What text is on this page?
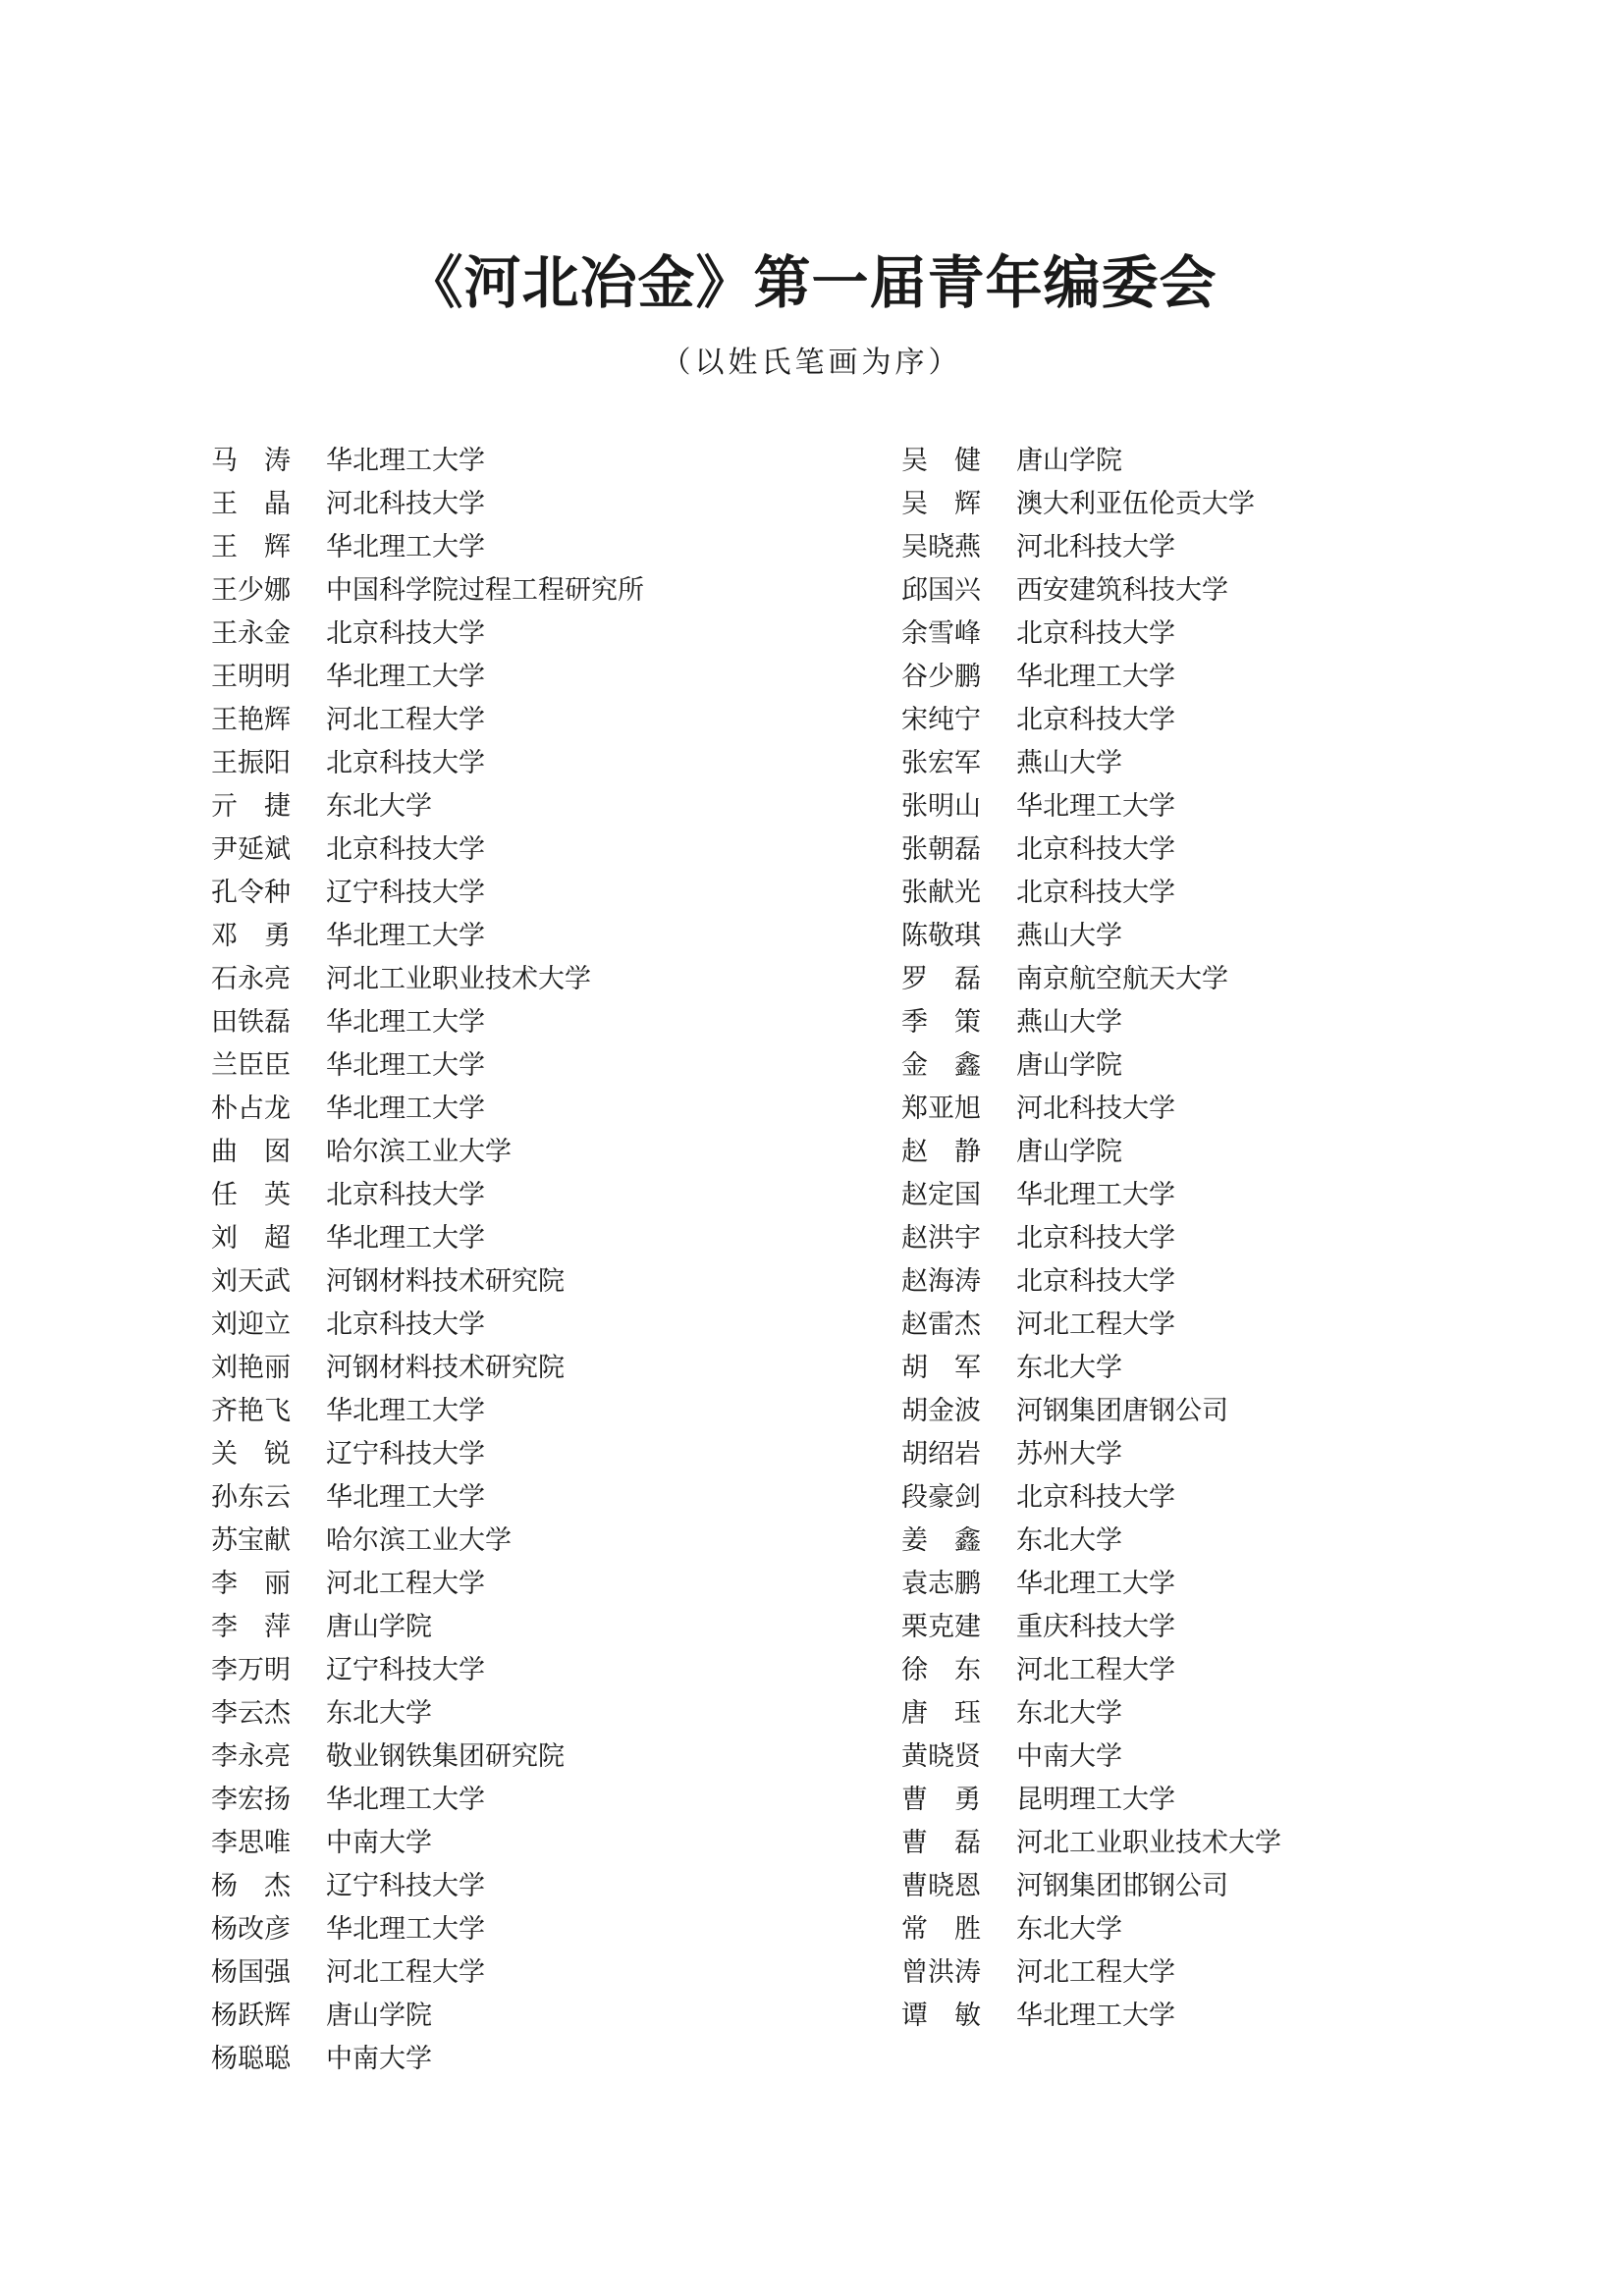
《河北冶金》第一届青年编委会
（以姓氏笔画为序）
马　涛	华北理工大学
王　晶	河北科技大学
王　辉	华北理工大学
王少娜	中国科学院过程工程研究所
王永金	北京科技大学
王明明	华北理工大学
王艳辉	河北工程大学
王振阳	北京科技大学
亓　捷	东北大学
尹延斌	北京科技大学
孔令种	辽宁科技大学
邓　勇	华北理工大学
石永亮	河北工业职业技术大学
田铁磊	华北理工大学
兰臣臣	华北理工大学
朴占龙	华北理工大学
曲　囡	哈尔滨工业大学
任　英	北京科技大学
刘　超	华北理工大学
刘天武	河钢材料技术研究院
刘迎立	北京科技大学
刘艳丽	河钢材料技术研究院
齐艳飞	华北理工大学
关　锐	辽宁科技大学
孙东云	华北理工大学
苏宝献	哈尔滨工业大学
李　丽	河北工程大学
李　萍	唐山学院
李万明	辽宁科技大学
李云杰	东北大学
李永亮	敬业钢铁集团研究院
李宏扬	华北理工大学
李思唯	中南大学
杨　杰	辽宁科技大学
杨改彦	华北理工大学
杨国强	河北工程大学
杨跃辉	唐山学院
杨聪聪	中南大学
吴　健	唐山学院
吴　辉	澳大利亚伍伦贡大学
吴晓燕	河北科技大学
邱国兴	西安建筑科技大学
余雪峰	北京科技大学
谷少鹏	华北理工大学
宋纯宁	北京科技大学
张宏军	燕山大学
张明山	华北理工大学
张朝磊	北京科技大学
张献光	北京科技大学
陈敬琪	燕山大学
罗　磊	南京航空航天大学
季　策	燕山大学
金　鑫	唐山学院
郑亚旭	河北科技大学
赵　静	唐山学院
赵定国	华北理工大学
赵洪宇	北京科技大学
赵海涛	北京科技大学
赵雷杰	河北工程大学
胡　军	东北大学
胡金波	河钢集团唐钢公司
胡绍岩	苏州大学
段豪剑	北京科技大学
姜　鑫	东北大学
袁志鹏	华北理工大学
栗克建	重庆科技大学
徐　东	河北工程大学
唐　珏	东北大学
黄晓贤	中南大学
曹　勇	昆明理工大学
曹　磊	河北工业职业技术大学
曹晓恩	河钢集团邯钢公司
常　胜	东北大学
曾洪涛	河北工程大学
谭　敏	华北理工大学
